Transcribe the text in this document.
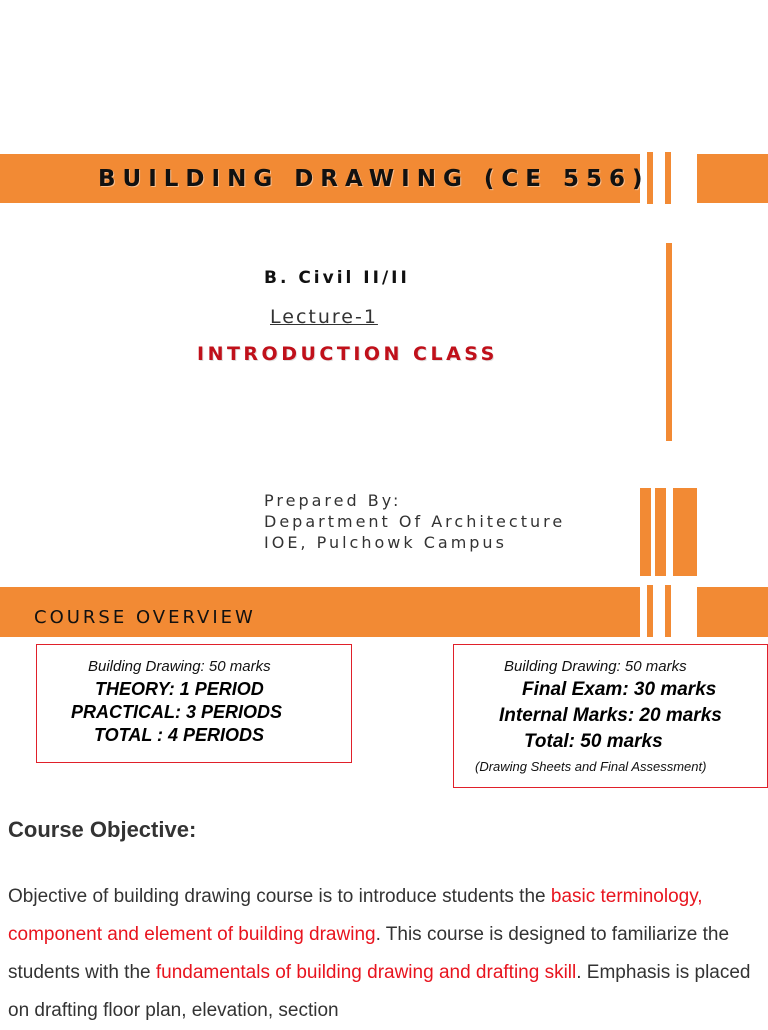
BUILDING DRAWING (CE 556)
B. Civil II/II
Lecture-1
INTRODUCTION CLASS
Prepared By:
Department Of Architecture
IOE, Pulchowk Campus
COURSE OVERVIEW
Building Drawing: 50 marks
THEORY: 1 PERIOD
PRACTICAL: 3 PERIODS
TOTAL : 4 PERIODS
Building Drawing: 50 marks
Final Exam: 30 marks
Internal Marks: 20 marks
Total: 50 marks
(Drawing Sheets and Final Assessment)
Course Objective:
Objective of building drawing course is to introduce students the basic terminology, component and element of building drawing. This course is designed to familiarize the students with the fundamentals of building drawing and drafting skill. Emphasis is placed on drafting floor plan, elevation, section
